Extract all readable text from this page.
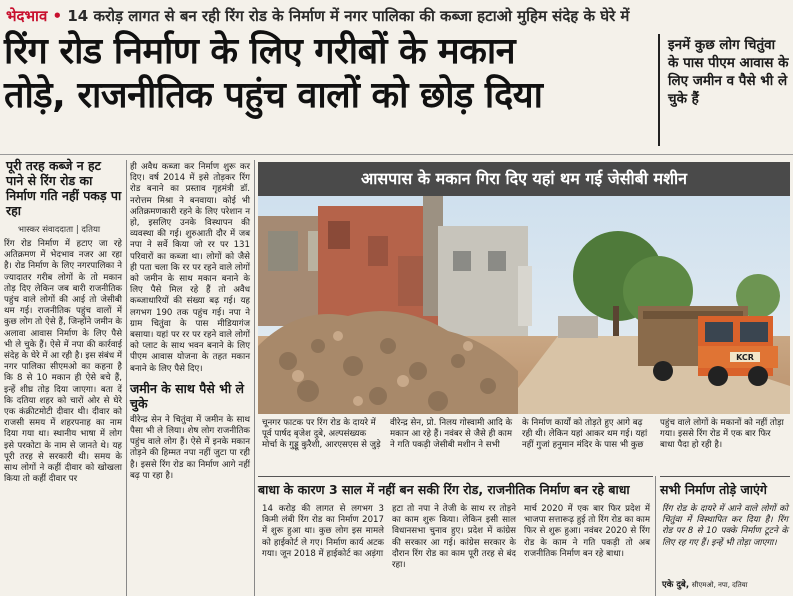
भेदभाव • 14 करोड़ लागत से बन रही रिंग रोड के निर्माण में नगर पालिका की कब्जा हटाओ मुहिम संदेह के घेरे में
रिंग रोड निर्माण के लिए गरीबों के मकान
तोड़े, राजनीतिक पहुंच वालों को छोड़ दिया
इनमें कुछ लोग चितुंवा के पास पीएम आवास के लिए जमीन व पैसे भी ले चुके हैं
पूरी तरह कब्जे न हट पाने से रिंग रोड का निर्माण गति नहीं पकड़ पा रहा
भास्कर संवाददाता | दतिया
रिंग रोड निर्माण में हटाए जा रहे अतिक्रमण में भेदभाव नजर आ रहा है। रोड निर्माण के लिए नगरपालिका ने ज्यादातर गरीब लोगों के तो मकान तोड़ दिए लेकिन जब बारी राजनीतिक पहुंच वाले लोगों की आई तो जेसीबी थम गई। राजनीतिक पहुंच वालों में कुछ लोग तो ऐसे हैं, जिन्होंने जमीन के अलावा आवास निर्माण के लिए पैसे भी ले चुके हैं। ऐसे में नपा की कार्रवाई संदेह के घेरे में आ रही है। इस संबंध में नगर पालिका सीएमओ का कहना है कि 8 से 10 मकान ही ऐसे बचे हैं, इन्हें शीघ्र तोड़ दिया जाएगा। बता दें कि दतिया शहर को चारों ओर से घेरे एक कंक्रीटमोटी दीवार थी। दीवार को राजसी समय में शहरपनाह का नाम दिया गया था। स्थानीय भाषा में लोग इसे परकोटा के नाम से जानते थे। यह पूरी तरह से सरकारी थी। समय के साथ लोगों ने कहीं दीवार को खोखला किया तो कहीं दीवार पर
ही अवैध कब्जा कर निर्माण शुरू कर दिए। वर्ष 2014 में इसे तोड़कर रिंग रोड बनाने का प्रस्ताव गृहमंत्री डॉ. नरोत्तम मिश्रा ने बनवाया। कोई भी अतिक्रमणकारी रहने के लिए परेशान न हो, इसलिए उनके विस्थापन की व्यवस्था की गई। शुरुआती दौर में जब नपा ने सर्वे किया जो रर पर 131 परिवारों का कब्जा था। लोगों को जैसे ही पता चला कि रर पर रहने वाले लोगों को जमीन के साथ मकान बनाने के लिए पैसे मिल रहे हैं तो अवैध कब्जाधारियों की संख्या बढ़ गई। यह लगभग 190 तक पहुंच गई। नपा ने ग्राम चितुंवा के पास मीडियागंज बसाया। यहां पर रर पर रहने वाले लोगों को प्लाट के साथ भवन बनाने के लिए पीएम आवास योजना के तहत मकान बनाने के लिए पैसे दिए।
जमीन के साथ पैसे भी ले चुके
वीरेन्द्र सेन ने चितुंवा में जमीन के साथ पैसा भी ले लिया। शेष लोग राजनीतिक पहुंच वाले लोग हैं। ऐसे में इनके मकान तोड़ने की हिम्मत नपा नहीं जुटा पा रही है। इससे रिंग रोड का निर्माण आगे नहीं बढ़ पा रहा है।
आसपास के मकान गिरा दिए यहां थम गई जेसीबी मशीन
KCR
चूनगर फाटक पर रिंग रोड के दायरे में पूर्व पार्षद बृजेश दुबे, अल्पसंख्यक मोर्चा के गुड्डू कुरैशी, आरएसएस से जुड़े
वीरेन्द्र सेन, प्रो. निलय गोस्वामी आदि के मकान आ रहे हैं। नवंबर से जैसे ही काम ने गति पकड़ी जेसीबी मशीन ने सभी
के निर्माण कार्यों को तोड़ते हुए आगे बढ़ रही थी। लेकिन यहां आकर थम गई। यहां नहीं गुजां हनुमान मंदिर के पास भी कुछ
पहुंच वाले लोगों के मकानों को नहीं तोड़ा गया। इससे रिंग रोड में एक बार फिर बाधा पैदा हो रही है।
बाधा के कारण 3 साल में नहीं बन सकी रिंग रोड, राजनीतिक निर्माण बन रहे बाधा
14 करोड़ की लागत से लगभग 3 किमी लंबी रिंग रोड का निर्माण 2017 में शुरू हुआ था। कुछ लोग इस मामले को हाईकोर्ट ले गए। निर्माण कार्य अटक गया। जून 2018 में हाईकोर्ट का अड़ंगा
हटा तो नपा ने तेजी के साथ रर तोड़ने का काम शुरू किया। लेकिन इसी साल विधानसभा चुनाव हुए। प्रदेश में कांग्रेस की सरकार आ गई। कांग्रेस सरकार के दौरान रिंग रोड का काम पूरी तरह से बंद रहा।
मार्च 2020 में एक बार फिर प्रदेश में भाजपा सत्तारूढ़ हुई तो रिंग रोड का काम फिर से शुरू हुआ। नवंबर 2020 से रिंग रोड के काम ने गति पकड़ी तो अब राजनीतिक निर्माण बन रहे बाधा।
सभी निर्माण तोड़े जाएंगे
रिंग रोड के दायरे में आने वाले लोगों को चितुंवा में विस्थापित कर दिया है। रिंग रोड पर 8 से 10 पक्के निर्माण टूटने के लिए रह गए हैं। इन्हें भी तोड़ा जाएगा।
एके दुबे, सीएमओ, नपा, दतिया
